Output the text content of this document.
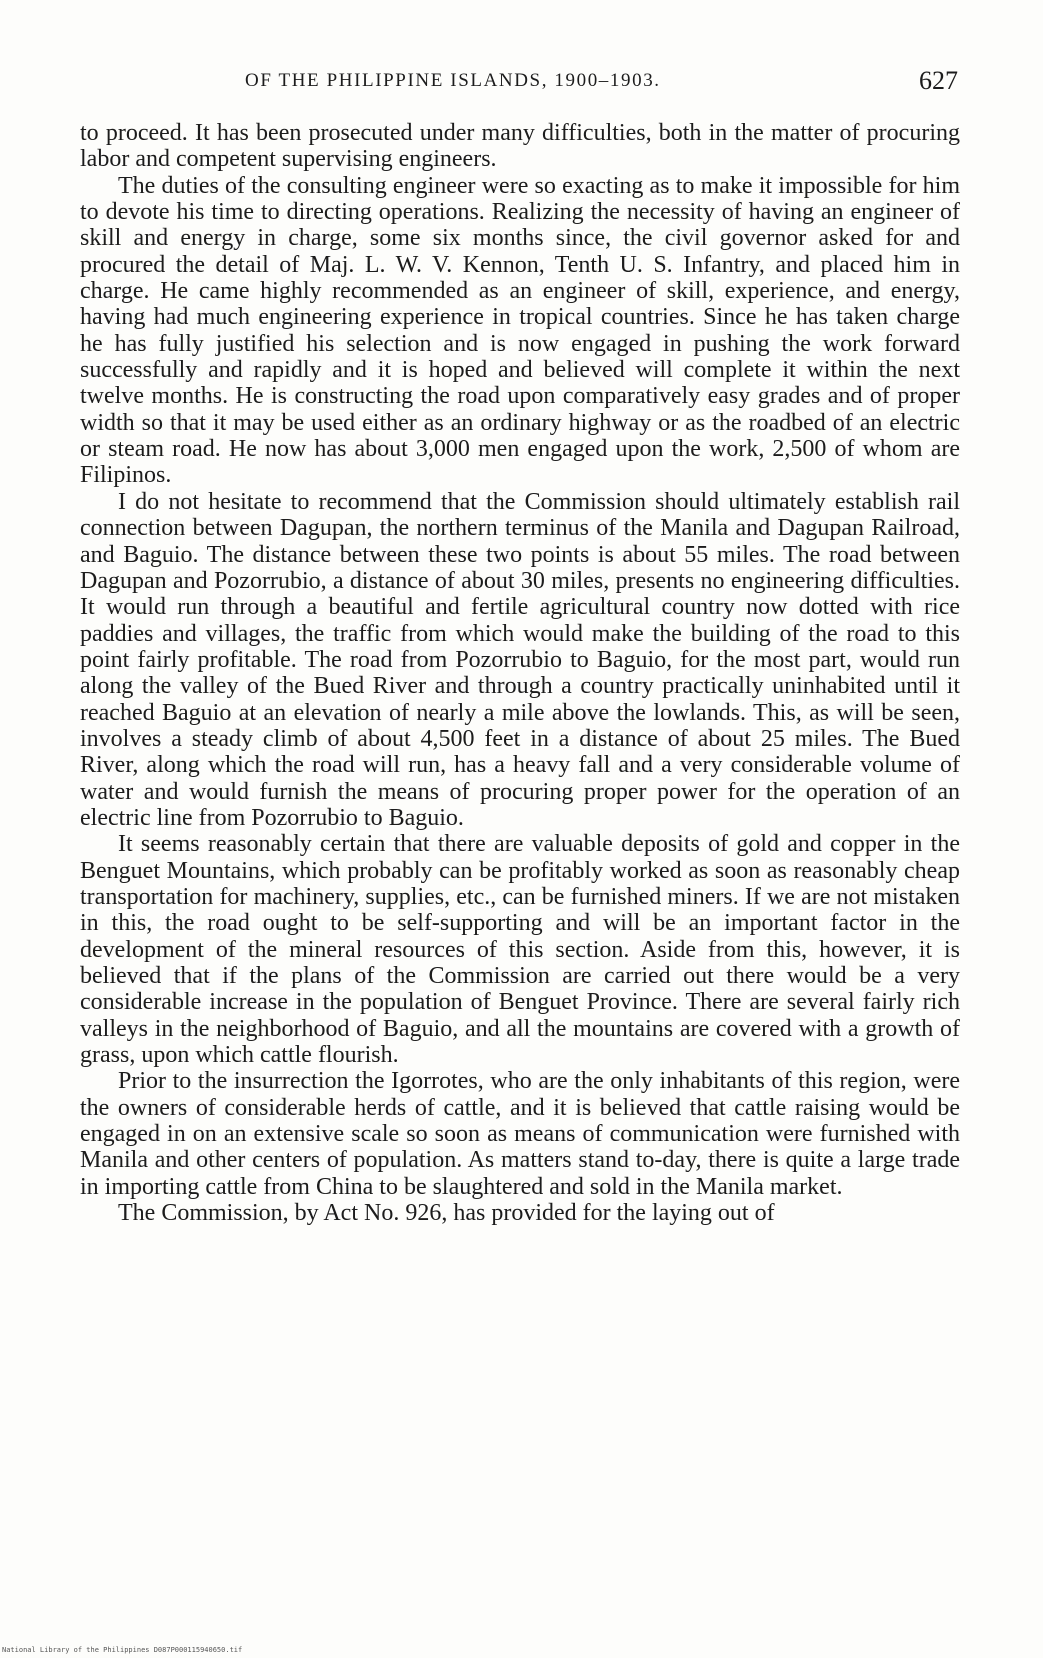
OF THE PHILIPPINE ISLANDS, 1900–1903.	627

to proceed. It has been prosecuted under many difficulties, both in the matter of procuring labor and competent supervising engineers.

The duties of the consulting engineer were so exacting as to make it impossible for him to devote his time to directing operations. Realizing the necessity of having an engineer of skill and energy in charge, some six months since, the civil governor asked for and procured the detail of Maj. L. W. V. Kennon, Tenth U. S. Infantry, and placed him in charge. He came highly recommended as an engineer of skill, experience, and energy, having had much engineering experience in tropical countries. Since he has taken charge he has fully justified his selection and is now engaged in pushing the work forward successfully and rapidly and it is hoped and believed will complete it within the next twelve months. He is constructing the road upon comparatively easy grades and of proper width so that it may be used either as an ordinary highway or as the roadbed of an electric or steam road. He now has about 3,000 men engaged upon the work, 2,500 of whom are Filipinos.

I do not hesitate to recommend that the Commission should ultimately establish rail connection between Dagupan, the northern terminus of the Manila and Dagupan Railroad, and Baguio. The distance between these two points is about 55 miles. The road between Dagupan and Pozorrubio, a distance of about 30 miles, presents no engineering difficulties. It would run through a beautiful and fertile agricultural country now dotted with rice paddies and villages, the traffic from which would make the building of the road to this point fairly profitable. The road from Pozorrubio to Baguio, for the most part, would run along the valley of the Bued River and through a country practically uninhabited until it reached Baguio at an elevation of nearly a mile above the lowlands. This, as will be seen, involves a steady climb of about 4,500 feet in a distance of about 25 miles. The Bued River, along which the road will run, has a heavy fall and a very considerable volume of water and would furnish the means of procuring proper power for the operation of an electric line from Pozorrubio to Baguio.

It seems reasonably certain that there are valuable deposits of gold and copper in the Benguet Mountains, which probably can be profitably worked as soon as reasonably cheap transportation for machinery, supplies, etc., can be furnished miners. If we are not mistaken in this, the road ought to be self-supporting and will be an important factor in the development of the mineral resources of this section. Aside from this, however, it is believed that if the plans of the Commission are carried out there would be a very considerable increase in the population of Benguet Province. There are several fairly rich valleys in the neighborhood of Baguio, and all the mountains are covered with a growth of grass, upon which cattle flourish.

Prior to the insurrection the Igorrotes, who are the only inhabitants of this region, were the owners of considerable herds of cattle, and it is believed that cattle raising would be engaged in on an extensive scale so soon as means of communication were furnished with Manila and other centers of population. As matters stand to-day, there is quite a large trade in importing cattle from China to be slaughtered and sold in the Manila market.

The Commission, by Act No. 926, has provided for the laying out of

National Library of the Philippines D087P000115940650.tif
